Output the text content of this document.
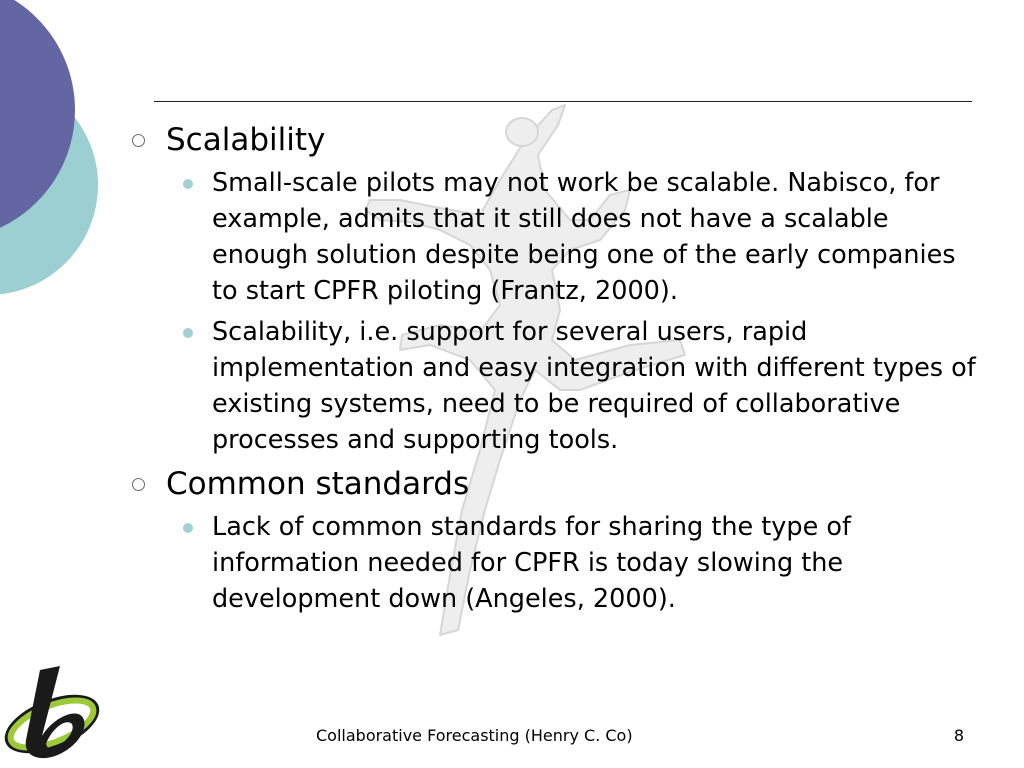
Scalability
Small-scale pilots may not work be scalable. Nabisco, for example, admits that it still does not have a scalable enough solution despite being one of the early companies to start CPFR piloting (Frantz, 2000).
Scalability, i.e. support for several users, rapid implementation and easy integration with different types of existing systems, need to be required of collaborative processes and supporting tools.
Common standards
Lack of common standards for sharing the type of information needed for CPFR is today slowing the development down (Angeles, 2000).
Collaborative Forecasting (Henry C. Co)	8
